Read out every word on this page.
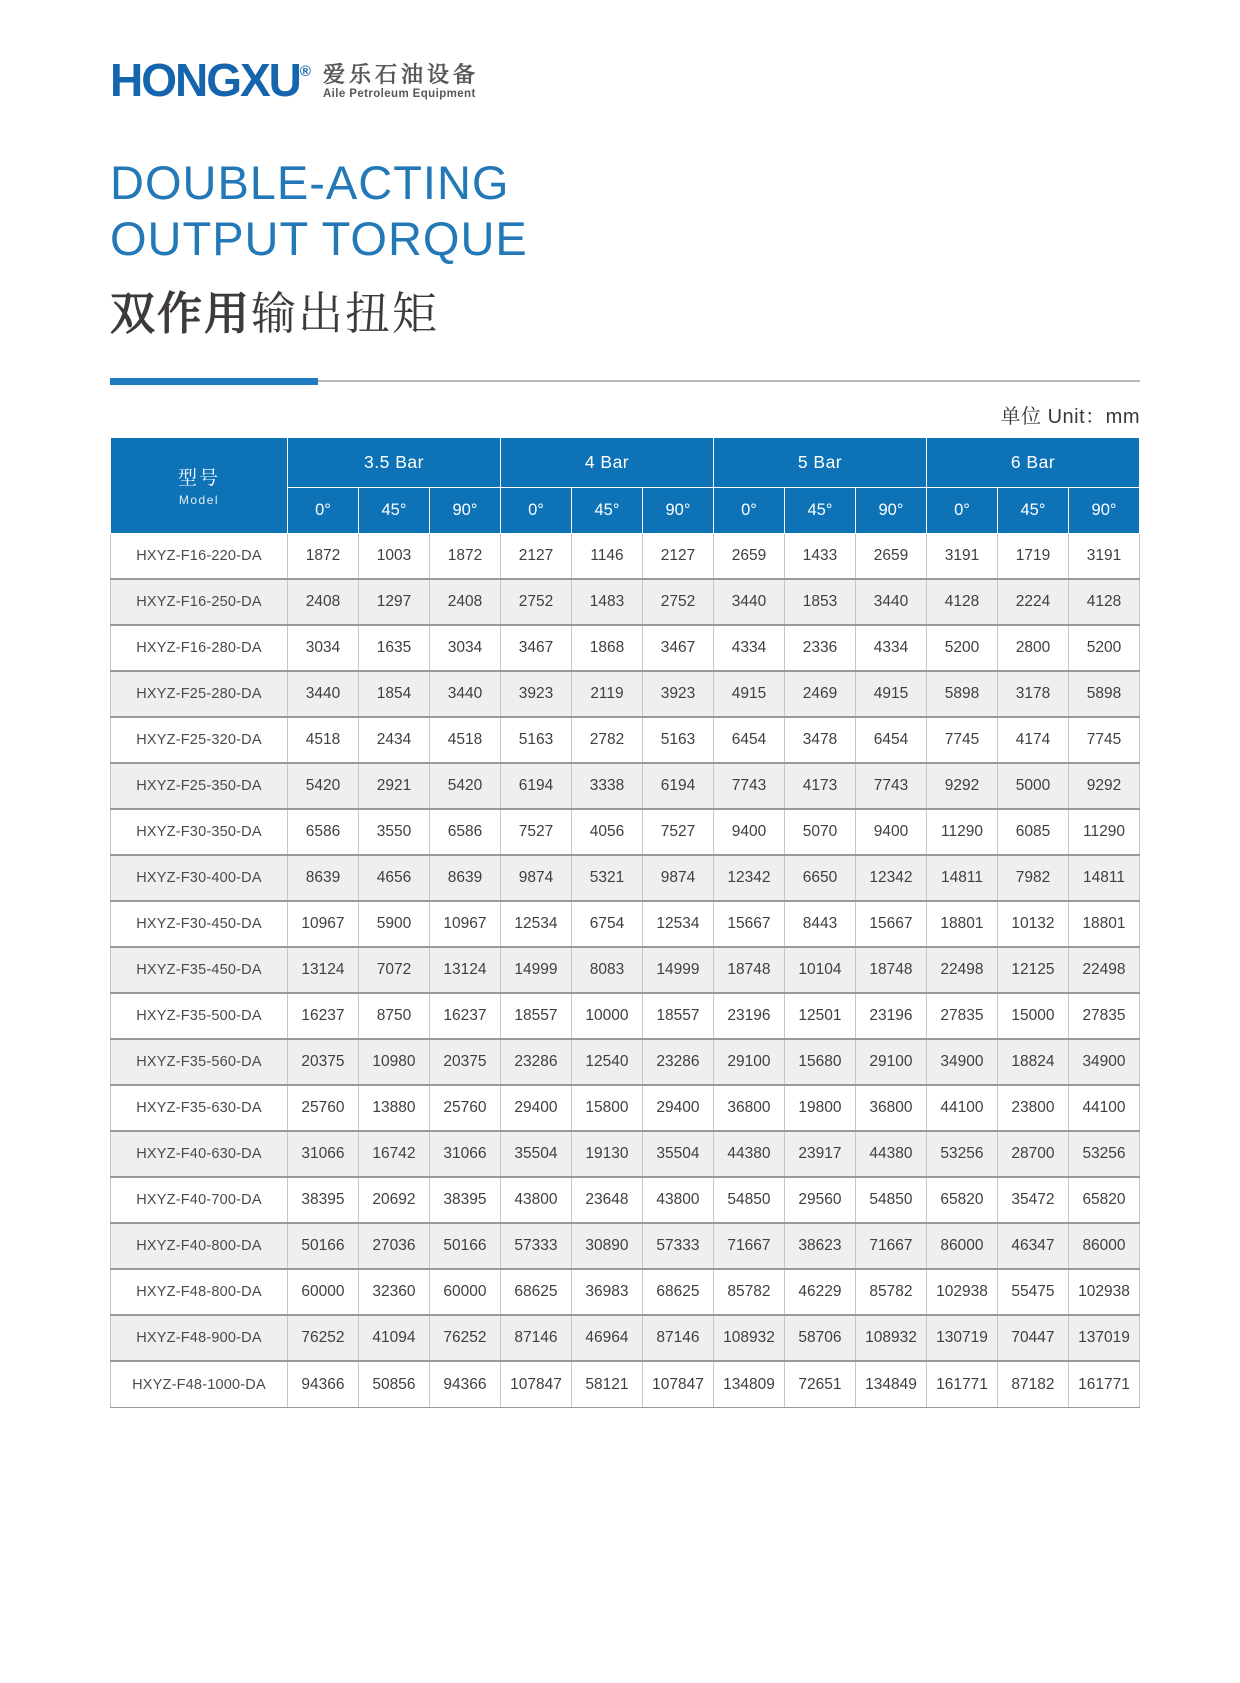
HONGXU® 爱乐石油设备
Aile Petroleum Equipment
DOUBLE-ACTING
OUTPUT TORQUE
双作用输出扭矩
单位 Unit：mm
型号
Model	3.5 Bar			4 Bar			5 Bar			6 Bar		
	0°	45°	90°	0°	45°	90°	0°	45°	90°	0°	45°	90°
HXYZ-F16-220-DA	1872	1003	1872	2127	1146	2127	2659	1433	2659	3191	1719	3191
HXYZ-F16-250-DA	2408	1297	2408	2752	1483	2752	3440	1853	3440	4128	2224	4128
HXYZ-F16-280-DA	3034	1635	3034	3467	1868	3467	4334	2336	4334	5200	2800	5200
HXYZ-F25-280-DA	3440	1854	3440	3923	2119	3923	4915	2469	4915	5898	3178	5898
HXYZ-F25-320-DA	4518	2434	4518	5163	2782	5163	6454	3478	6454	7745	4174	7745
HXYZ-F25-350-DA	5420	2921	5420	6194	3338	6194	7743	4173	7743	9292	5000	9292
HXYZ-F30-350-DA	6586	3550	6586	7527	4056	7527	9400	5070	9400	11290	6085	11290
HXYZ-F30-400-DA	8639	4656	8639	9874	5321	9874	12342	6650	12342	14811	7982	14811
HXYZ-F30-450-DA	10967	5900	10967	12534	6754	12534	15667	8443	15667	18801	10132	18801
HXYZ-F35-450-DA	13124	7072	13124	14999	8083	14999	18748	10104	18748	22498	12125	22498
HXYZ-F35-500-DA	16237	8750	16237	18557	10000	18557	23196	12501	23196	27835	15000	27835
HXYZ-F35-560-DA	20375	10980	20375	23286	12540	23286	29100	15680	29100	34900	18824	34900
HXYZ-F35-630-DA	25760	13880	25760	29400	15800	29400	36800	19800	36800	44100	23800	44100
HXYZ-F40-630-DA	31066	16742	31066	35504	19130	35504	44380	23917	44380	53256	28700	53256
HXYZ-F40-700-DA	38395	20692	38395	43800	23648	43800	54850	29560	54850	65820	35472	65820
HXYZ-F40-800-DA	50166	27036	50166	57333	30890	57333	71667	38623	71667	86000	46347	86000
HXYZ-F48-800-DA	60000	32360	60000	68625	36983	68625	85782	46229	85782	102938	55475	102938
HXYZ-F48-900-DA	76252	41094	76252	87146	46964	87146	108932	58706	108932	130719	70447	137019
HXYZ-F48-1000-DA	94366	50856	94366	107847	58121	107847	134809	72651	134849	161771	87182	161771
